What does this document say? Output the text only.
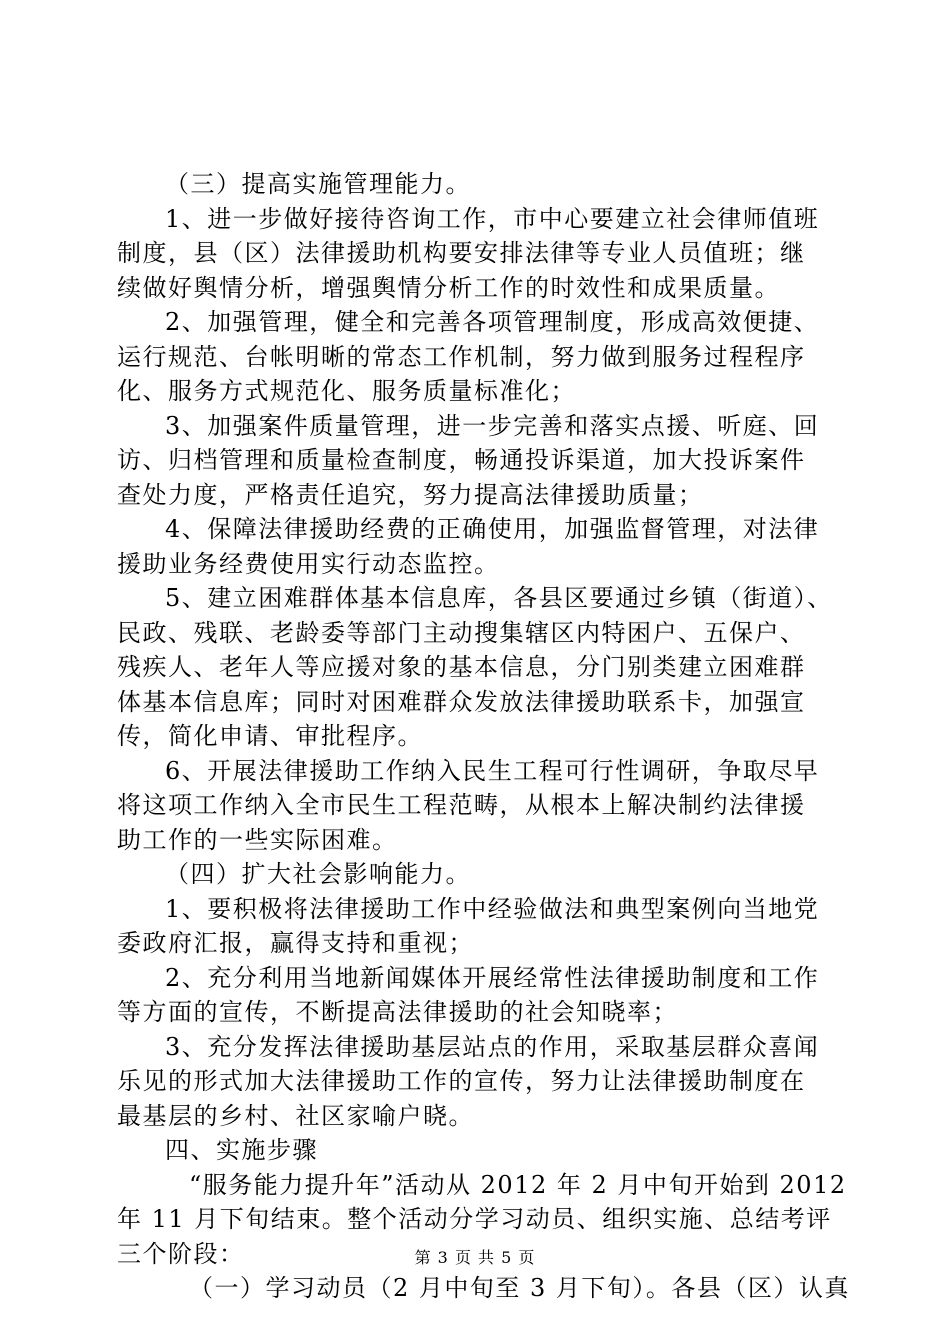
（三）提高实施管理能力。
1、进一步做好接待咨询工作，市中心要建立社会律师值班
制度，县（区）法律援助机构要安排法律等专业人员值班；继
续做好舆情分析，增强舆情分析工作的时效性和成果质量。
2、加强管理，健全和完善各项管理制度，形成高效便捷、
运行规范、台帐明晰的常态工作机制，努力做到服务过程程序
化、服务方式规范化、服务质量标准化；
3、加强案件质量管理，进一步完善和落实点援、听庭、回
访、归档管理和质量检查制度，畅通投诉渠道，加大投诉案件
查处力度，严格责任追究，努力提高法律援助质量；
4、保障法律援助经费的正确使用，加强监督管理，对法律
援助业务经费使用实行动态监控。
5、建立困难群体基本信息库，各县区要通过乡镇（街道）、
民政、残联、老龄委等部门主动搜集辖区内特困户、五保户、
残疾人、老年人等应援对象的基本信息，分门别类建立困难群
体基本信息库；同时对困难群众发放法律援助联系卡，加强宣
传，简化申请、审批程序。
6、开展法律援助工作纳入民生工程可行性调研，争取尽早
将这项工作纳入全市民生工程范畴，从根本上解决制约法律援
助工作的一些实际困难。
（四）扩大社会影响能力。
1、要积极将法律援助工作中经验做法和典型案例向当地党
委政府汇报，赢得支持和重视；
2、充分利用当地新闻媒体开展经常性法律援助制度和工作
等方面的宣传，不断提高法律援助的社会知晓率；
3、充分发挥法律援助基层站点的作用，采取基层群众喜闻
乐见的形式加大法律援助工作的宣传，努力让法律援助制度在
最基层的乡村、社区家喻户晓。
四、实施步骤
“服务能力提升年”活动从 2012 年 2 月中旬开始到 2012
年 11 月下旬结束。整个活动分学习动员、组织实施、总结考评
三个阶段：
（一）学习动员（2 月中旬至 3 月下旬）。各县（区）认真
第 3 页 共 5 页
